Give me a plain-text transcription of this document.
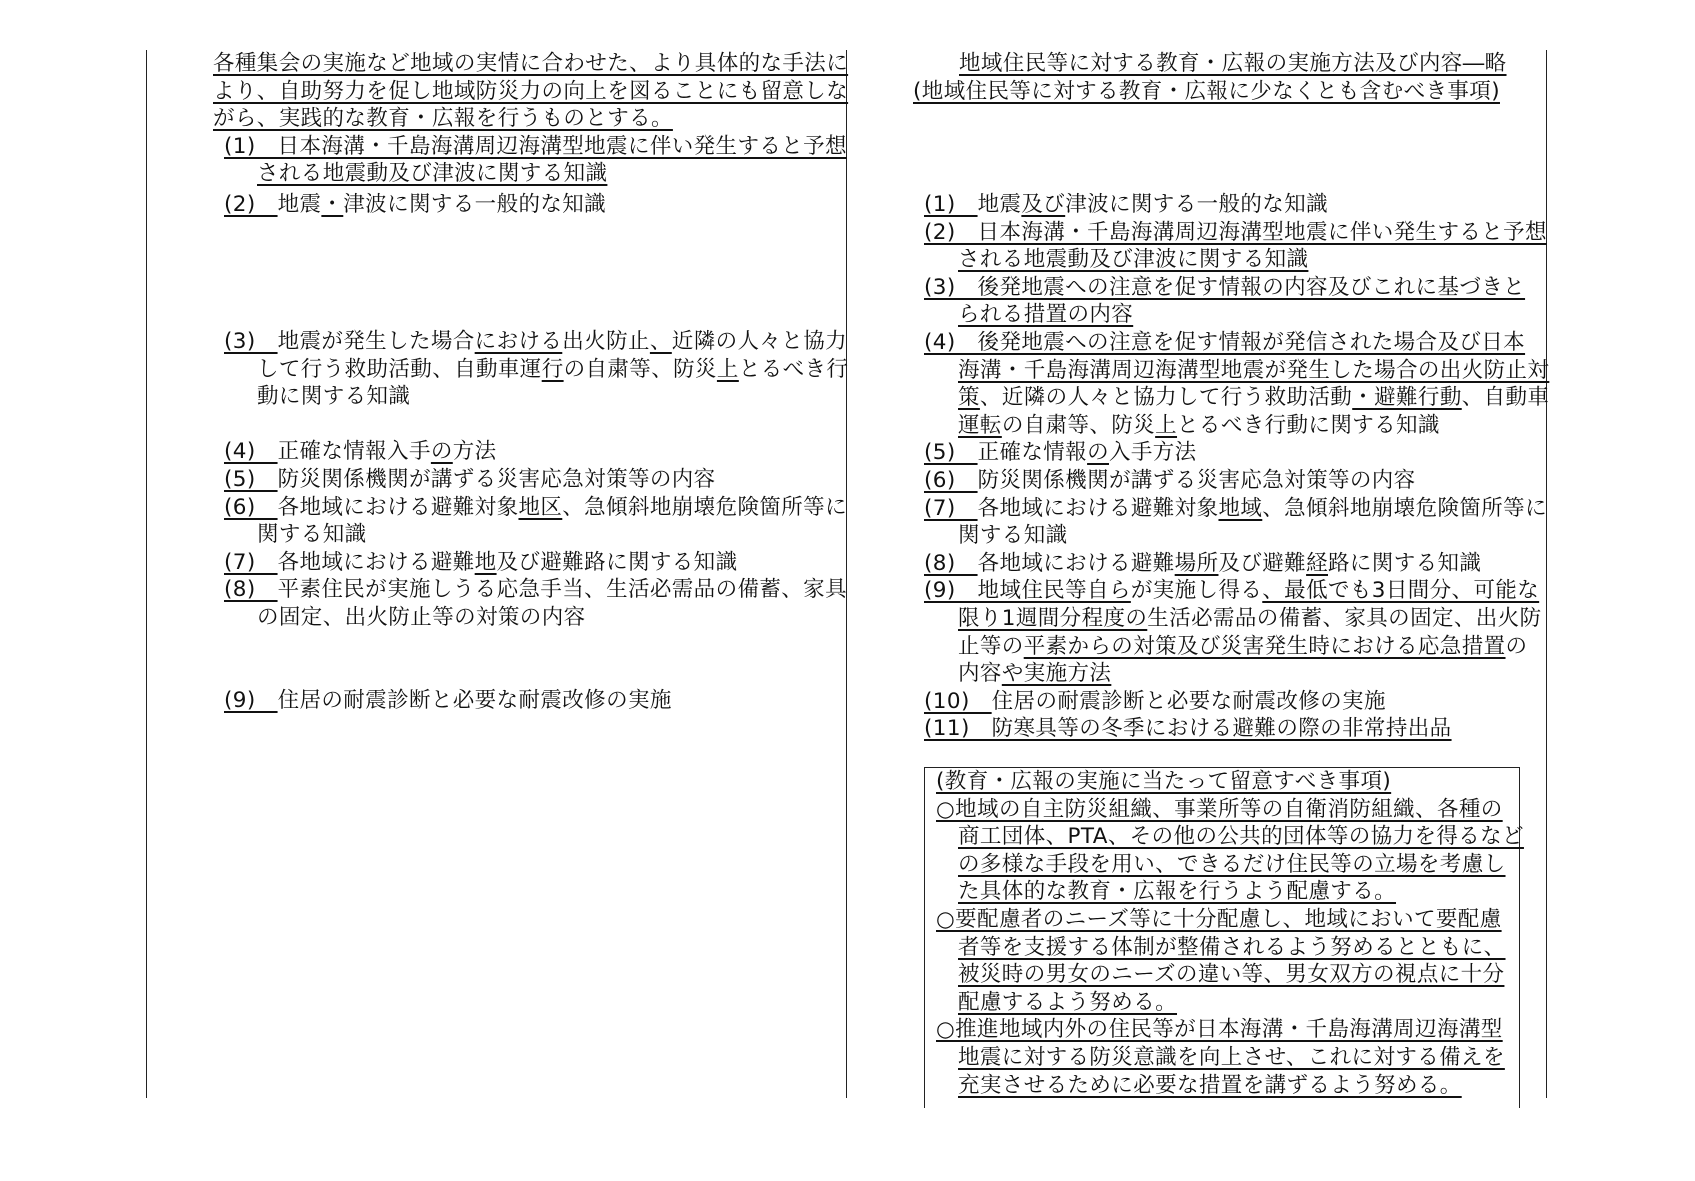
各種集会の実施など地域の実情に合わせた、より具体的な手法に
より、自助努力を促し地域防災力の向上を図ることにも留意しな
がら、実践的な教育・広報を行うものとする。
(1)　日本海溝・千島海溝周辺海溝型地震に伴い発生すると予想
される地震動及び津波に関する知識
(2)　地震・津波に関する一般的な知識
(3)　地震が発生した場合における出火防止、近隣の人々と協力
して行う救助活動、自動車運行の自粛等、防災上とるべき行
動に関する知識
(4)　正確な情報入手の方法
(5)　防災関係機関が講ずる災害応急対策等の内容
(6)　各地域における避難対象地区、急傾斜地崩壊危険箇所等に
関する知識
(7)　各地域における避難地及び避難路に関する知識
(8)　平素住民が実施しうる応急手当、生活必需品の備蓄、家具
の固定、出火防止等の対策の内容
(9)　住居の耐震診断と必要な耐震改修の実施
地域住民等に対する教育・広報の実施方法及び内容―略
(地域住民等に対する教育・広報に少なくとも含むべき事項)
(1)　地震及び津波に関する一般的な知識
(2)　日本海溝・千島海溝周辺海溝型地震に伴い発生すると予想
される地震動及び津波に関する知識
(3)　後発地震への注意を促す情報の内容及びこれに基づきと
られる措置の内容
(4)　後発地震への注意を促す情報が発信された場合及び日本
海溝・千島海溝周辺海溝型地震が発生した場合の出火防止対
策、近隣の人々と協力して行う救助活動・避難行動、自動車
運転の自粛等、防災上とるべき行動に関する知識
(5)　正確な情報の入手方法
(6)　防災関係機関が講ずる災害応急対策等の内容
(7)　各地域における避難対象地域、急傾斜地崩壊危険箇所等に
関する知識
(8)　各地域における避難場所及び避難経路に関する知識
(9)　地域住民等自らが実施し得る、最低でも3日間分、可能な
限り1週間分程度の生活必需品の備蓄、家具の固定、出火防
止等の平素からの対策及び災害発生時における応急措置の
内容や実施方法
(10)　住居の耐震診断と必要な耐震改修の実施
(11)　防寒具等の冬季における避難の際の非常持出品
(教育・広報の実施に当たって留意すべき事項)
○地域の自主防災組織、事業所等の自衛消防組織、各種の
商工団体、PTA、その他の公共的団体等の協力を得るなど
の多様な手段を用い、できるだけ住民等の立場を考慮し
た具体的な教育・広報を行うよう配慮する。
○要配慮者のニーズ等に十分配慮し、地域において要配慮
者等を支援する体制が整備されるよう努めるとともに、
被災時の男女のニーズの違い等、男女双方の視点に十分
配慮するよう努める。
○推進地域内外の住民等が日本海溝・千島海溝周辺海溝型
地震に対する防災意識を向上させ、これに対する備えを
充実させるために必要な措置を講ずるよう努める。
